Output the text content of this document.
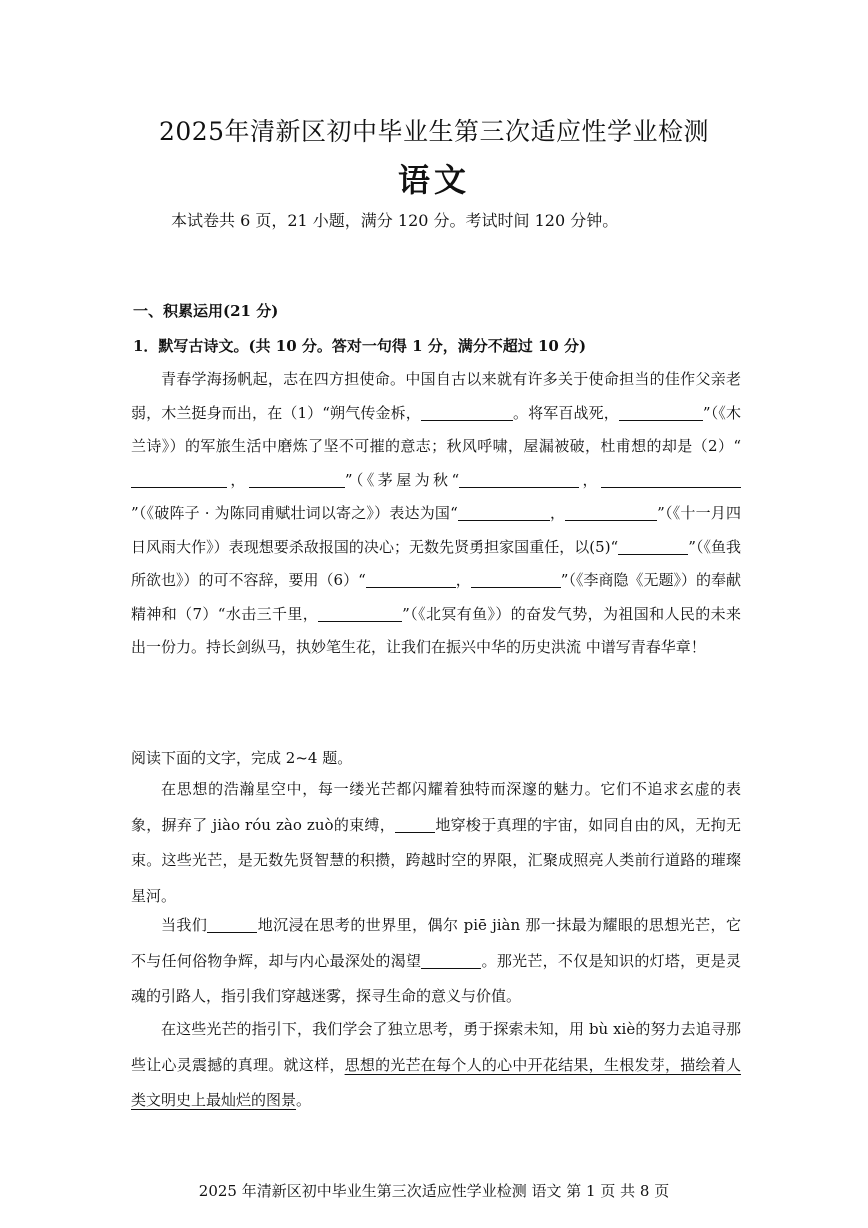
2025年清新区初中毕业生第三次适应性学业检测
语文
本试卷共 6 页，21 小题，满分 120 分。考试时间 120 分钟。
一、积累运用(21 分)
1．默写古诗文。(共 10 分。答对一句得 1 分，满分不超过 10 分)
青春学海扬帆起，志在四方担使命。中国自古以来就有许多关于使命担当的佳作父亲老弱，木兰挺身而出，在（1）“朔气传金柝，	。将军百战死，	”（《木兰诗》）的军旅生活中磨炼了坚不可摧的意志；秋风呼啸，屋漏被破，杜甫想的却是（2）“，	”（《茅屋为秋“	，”（《破阵子 · 为陈同甫赋壮词以寄之》）表达为国“	，	”（《十一月四日风雨大作》）表现想要杀敌报国的决心；无数先贤勇担家国重任，以(5)“	”（《鱼我所欲也》）的可不容辞，要用（6）“	，	”（《李商隐《无题》）的奉献精神和（7）“水击三千里，	”（《北冥有鱼》）的奋发气势，为祖国和人民的未来出一份力。持长剑纵马，执妙笔生花，让我们在振兴中华的历史洪流 中谱写青春华章！
阅读下面的文字，完成 2~4 题。
在思想的浩瀚星空中，每一缕光芒都闪耀着独特而深邃的魅力。它们不追求玄虚的表象，摒弃了 jiào róu zào zuò的束缚，	地穿梭于真理的宇宙，如同自由的风，无拘无束。这些光芒，是无数先贤智慧的积攒，跨越时空的界限，汇聚成照亮人类前行道路的璀璨星河。
当我们	地沉浸在思考的世界里，偶尔 piē jiàn 那一抹最为耀眼的思想光芒，它不与任何俗物争辉，却与内心最深处的渴望	。那光芒，不仅是知识的灯塔，更是灵魂的引路人，指引我们穿越迷雾，探寻生命的意义与价值。
在这些光芒的指引下，我们学会了独立思考，勇于探索未知，用 bù xiè的努力去追寻那些让心灵震撼的真理。就这样，思想的光芒在每个人的心中开花结果，生根发芽，描绘着人类文明史上最灿烂的图景。
2025 年清新区初中毕业生第三次适应性学业检测 语文 第 1 页 共 8 页
